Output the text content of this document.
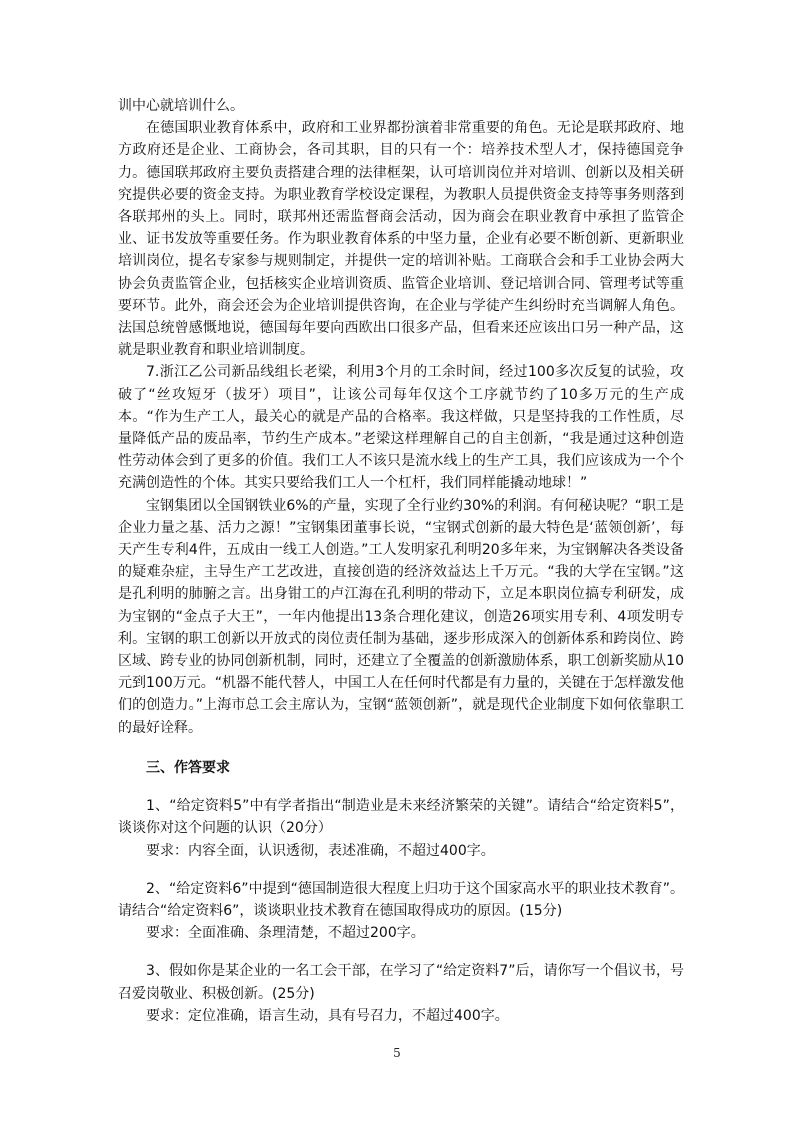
训中心就培训什么。

在德国职业教育体系中，政府和工业界都扮演着非常重要的角色。无论是联邦政府、地方政府还是企业、工商协会，各司其职，目的只有一个：培养技术型人才，保持德国竞争力。德国联邦政府主要负责搭建合理的法律框架，认可培训岗位并对培训、创新以及相关研究提供必要的资金支持。为职业教育学校设定课程，为教职人员提供资金支持等事务则落到各联邦州的头上。同时，联邦州还需监督商会活动，因为商会在职业教育中承担了监管企业、证书发放等重要任务。作为职业教育体系的中坚力量，企业有必要不断创新、更新职业培训岗位，提名专家参与规则制定，并提供一定的培训补贴。工商联合会和手工业协会两大协会负责监管企业，包括核实企业培训资质、监管企业培训、登记培训合同、管理考试等重要环节。此外，商会还会为企业培训提供咨询，在企业与学徒产生纠纷时充当调解人角色。法国总统曾感慨地说，德国每年要向西欧出口很多产品，但看来还应该出口另一种产品，这就是职业教育和职业培训制度。

7.浙江乙公司新品线组长老梁，利用3个月的工余时间，经过100多次反复的试验，攻破了“丝攻短牙（拔牙）项目”，让该公司每年仅这个工序就节约了10多万元的生产成本。“作为生产工人，最关心的就是产品的合格率。我这样做，只是坚持我的工作性质，尽量降低产品的废品率，节约生产成本。”老梁这样理解自己的自主创新，“我是通过这种创造性劳动体会到了更多的价值。我们工人不该只是流水线上的生产工具，我们应该成为一个个充满创造性的个体。其实只要给我们工人一个杠杆，我们同样能撬动地球！”

宝钢集团以全国钢铁业6%的产量，实现了全行业约30%的利润。有何秘诀呢？“职工是企业力量之基、活力之源！”宝钢集团董事长说，“宝钢式创新的最大特色是‘蓝领创新’，每天产生专利4件，五成由一线工人创造。”工人发明家孔利明20多年来，为宝钢解决各类设备的疑难杂症，主导生产工艺改进，直接创造的经济效益达上千万元。“我的大学在宝钢。”这是孔利明的肺腑之言。出身钳工的卢江海在孔利明的带动下，立足本职岗位搞专利研发，成为宝钢的“金点子大王”，一年内他提出13条合理化建议，创造26项实用专利、4项发明专利。宝钢的职工创新以开放式的岗位责任制为基础，逐步形成深入的创新体系和跨岗位、跨区域、跨专业的协同创新机制，同时，还建立了全覆盖的创新激励体系，职工创新奖励从10元到100万元。“机器不能代替人，中国工人在任何时代都是有力量的，关键在于怎样激发他们的创造力。”上海市总工会主席认为，宝钢“蓝领创新”，就是现代企业制度下如何依靠职工的最好诠释。

三、作答要求

1、“给定资料5”中有学者指出“制造业是未来经济繁荣的关键”。请结合“给定资料5”，谈谈你对这个问题的认识（20分）

要求：内容全面，认识透彻，表述准确，不超过400字。

2、“给定资料6”中提到“德国制造很大程度上归功于这个国家高水平的职业技术教育”。请结合“给定资料6”，谈谈职业技术教育在德国取得成功的原因。(15分)

要求：全面准确、条理清楚，不超过200字。

3、假如你是某企业的一名工会干部，在学习了“给定资料7”后，请你写一个倡议书，号召爱岗敬业、积极创新。(25分)

要求：定位准确，语言生动，具有号召力，不超过400字。

5
